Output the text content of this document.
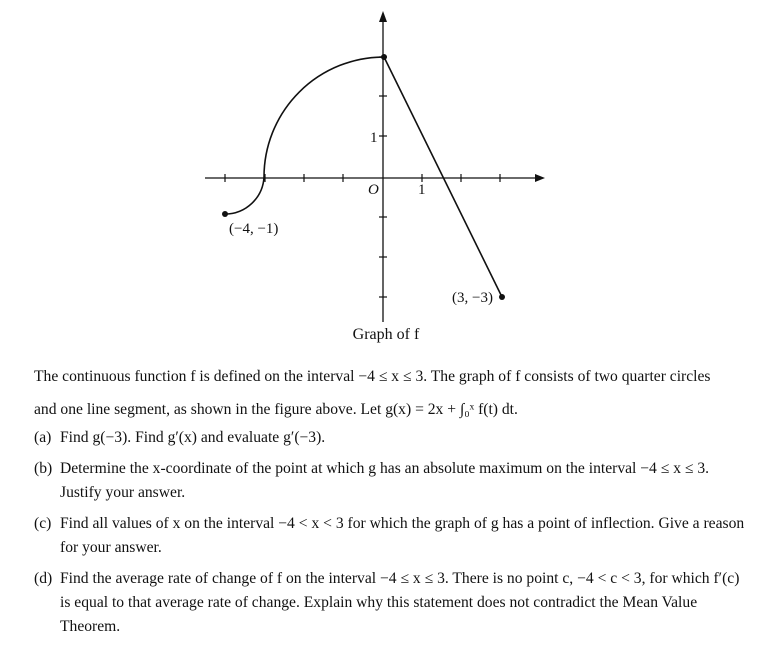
1
O	1
(−4, −1)
(3, −3)
Graph of f
The continuous function f is defined on the interval −4 ≤ x ≤ 3. The graph of f consists of two quarter circles
and one line segment, as shown in the figure above. Let g(x) = 2x + ∫₀ˣ f(t) dt.
(a) Find g(−3). Find g′(x) and evaluate g′(−3).
(b) Determine the x-coordinate of the point at which g has an absolute maximum on the interval −4 ≤ x ≤ 3. Justify your answer.
(c) Find all values of x on the interval −4 < x < 3 for which the graph of g has a point of inflection. Give a reason for your answer.
(d) Find the average rate of change of f on the interval −4 ≤ x ≤ 3. There is no point c, −4 < c < 3, for which f′(c) is equal to that average rate of change. Explain why this statement does not contradict the Mean Value Theorem.
